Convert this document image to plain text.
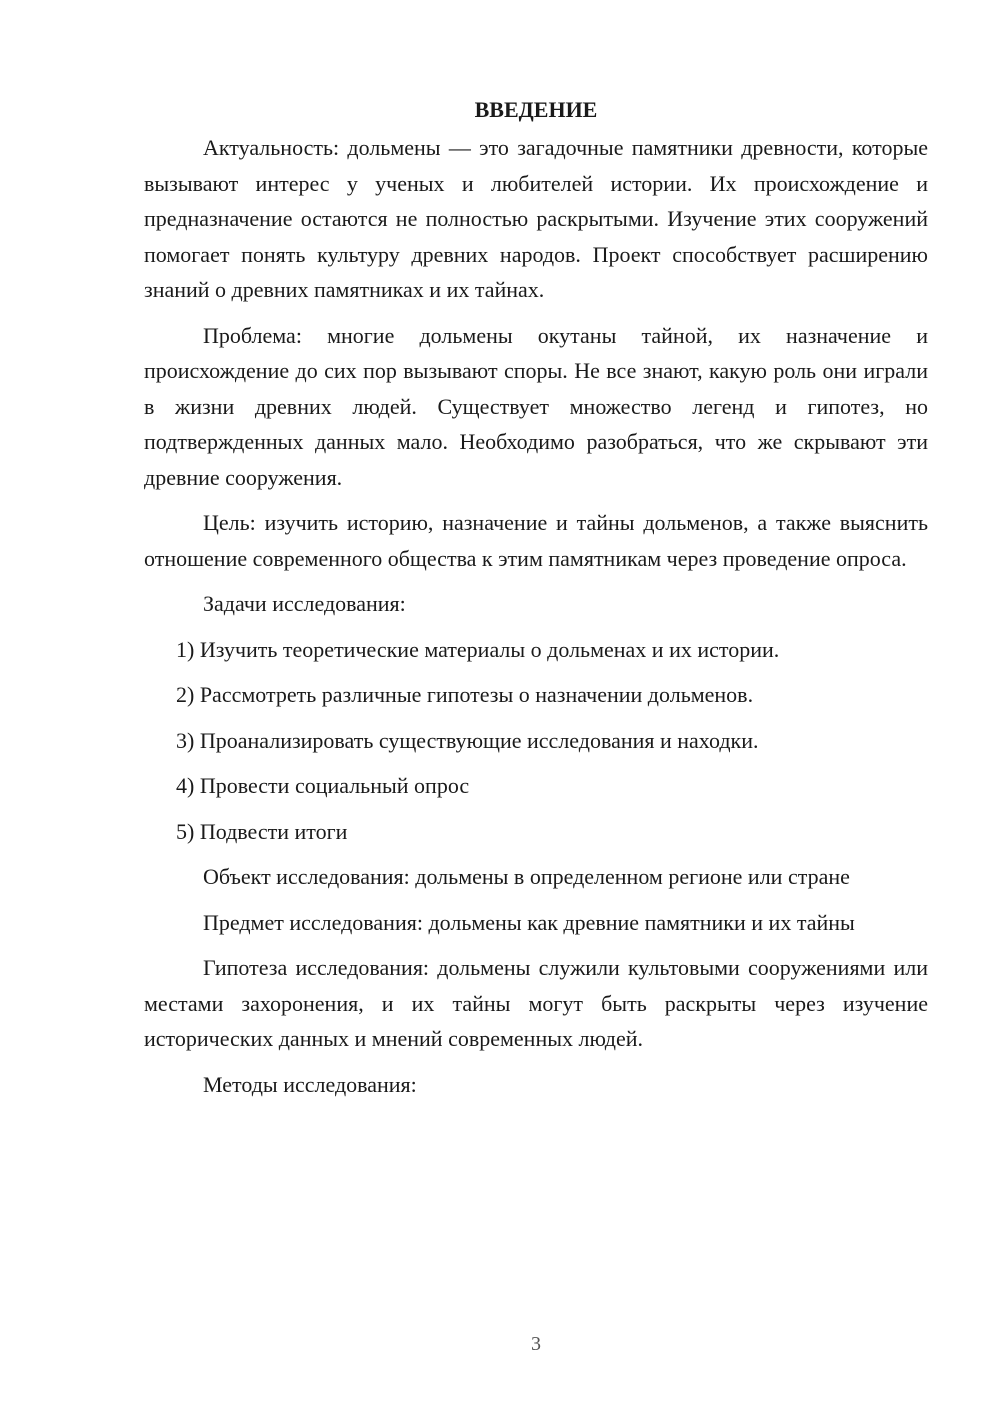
ВВЕДЕНИЕ

Актуальность: дольмены — это загадочные памятники древности, которые вызывают интерес у ученых и любителей истории. Их происхождение и предназначение остаются не полностью раскрытыми. Изучение этих сооружений помогает понять культуру древних народов. Проект способствует расширению знаний о древних памятниках и их тайнах.

Проблема: многие дольмены окутаны тайной, их назначение и происхождение до сих пор вызывают споры. Не все знают, какую роль они играли в жизни древних людей. Существует множество легенд и гипотез, но подтвержденных данных мало. Необходимо разобраться, что же скрывают эти древние сооружения.

Цель: изучить историю, назначение и тайны дольменов, а также выяснить отношение современного общества к этим памятникам через проведение опроса.

Задачи исследования:

1) Изучить теоретические материалы о дольменах и их истории.

2) Рассмотреть различные гипотезы о назначении дольменов.

3) Проанализировать существующие исследования и находки.

4) Провести социальный опрос

5) Подвести итоги

Объект исследования: дольмены в определенном регионе или стране

Предмет исследования: дольмены как древние памятники и их тайны

Гипотеза исследования: дольмены служили культовыми сооружениями или местами захоронения, и их тайны могут быть раскрыты через изучение исторических данных и мнений современных людей.

Методы исследования:

3
